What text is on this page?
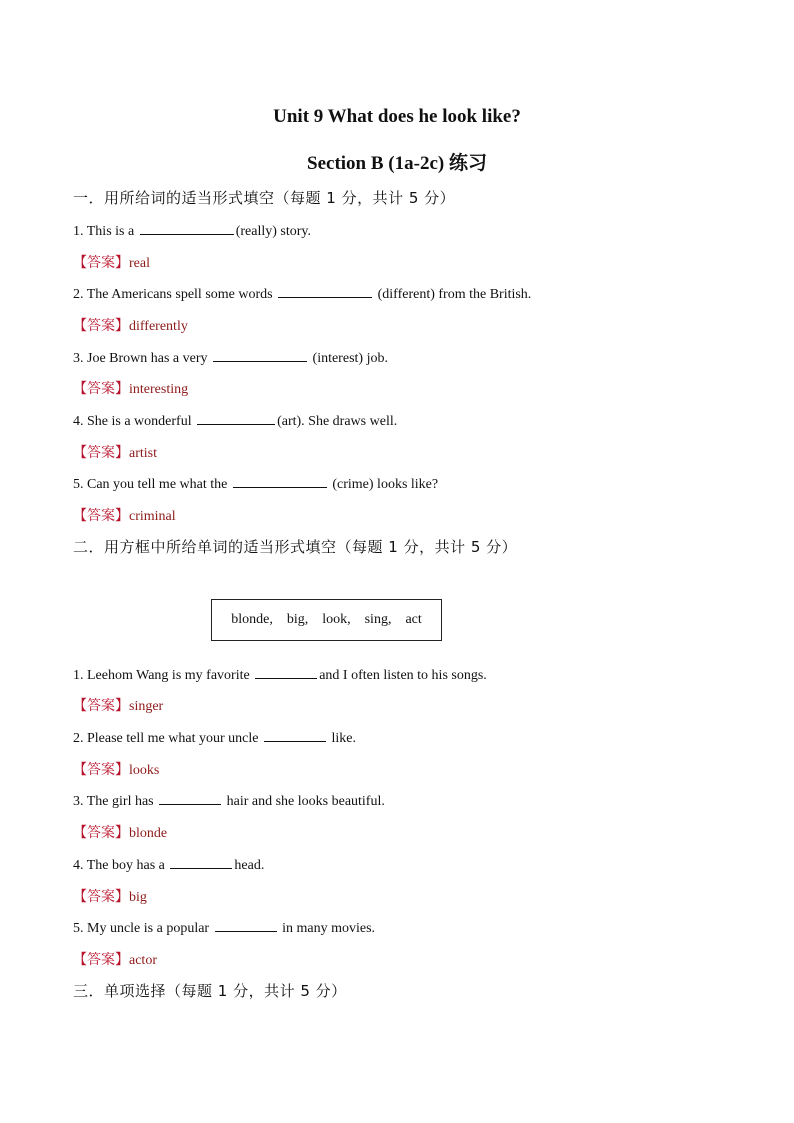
Unit 9 What does he look like?
Section B (1a-2c) 练习
一．用所给词的适当形式填空（每题 1 分，共计 5 分）
1. This is a	(really) story.
【答案】real
2. The Americans spell some words	(different) from the British.
【答案】differently
3. Joe Brown has a very	(interest) job.
【答案】interesting
4. She is a wonderful	(art). She draws well.
【答案】artist
5. Can you tell me what the	(crime) looks like?
【答案】criminal
二．用方框中所给单词的适当形式填空（每题 1 分，共计 5 分）
blonde,    big,    look,    sing,    act
1. Leehom Wang is my favorite	and I often listen to his songs.
【答案】singer
2. Please tell me what your uncle	like.
【答案】looks
3. The girl has	hair and she looks beautiful.
【答案】blonde
4. The boy has a	head.
【答案】big
5. My uncle is a popular	in many movies.
【答案】actor
三．单项选择（每题 1 分，共计 5 分）
